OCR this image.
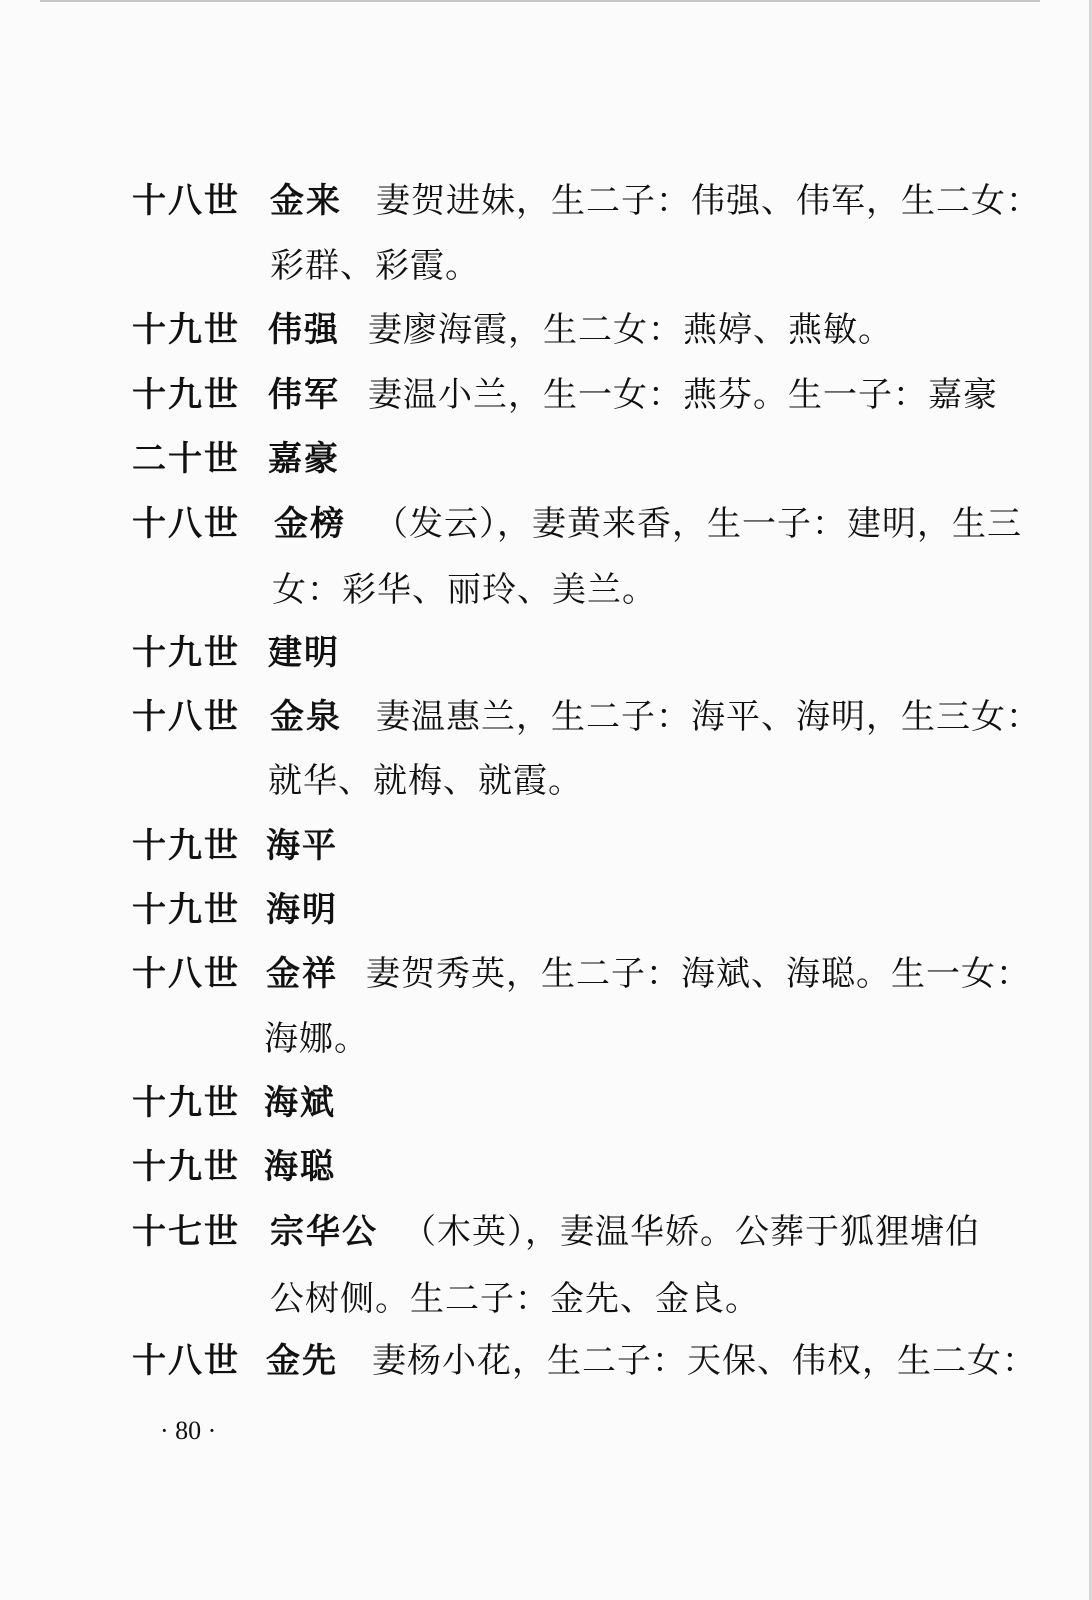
十八世 金来 妻贺进妹，生二子：伟强、伟军，生二女：
彩群、彩霞。
十九世 伟强 妻廖海霞，生二女：燕婷、燕敏。
十九世 伟军 妻温小兰，生一女：燕芬。生一子：嘉豪
二十世 嘉豪
十八世 金榜 （发云），妻黄来香，生一子：建明，生三
女：彩华、丽玲、美兰。
十九世 建明
十八世 金泉 妻温惠兰，生二子：海平、海明，生三女：
就华、就梅、就霞。
十九世 海平
十九世 海明
十八世 金祥 妻贺秀英，生二子：海斌、海聪。生一女：
海娜。
十九世 海斌
十九世 海聪
十七世 宗华公 （木英），妻温华娇。公葬于狐狸塘伯
公树侧。生二子：金先、金良。
十八世 金先 妻杨小花，生二子：天保、伟权，生二女：
· 80 ·
